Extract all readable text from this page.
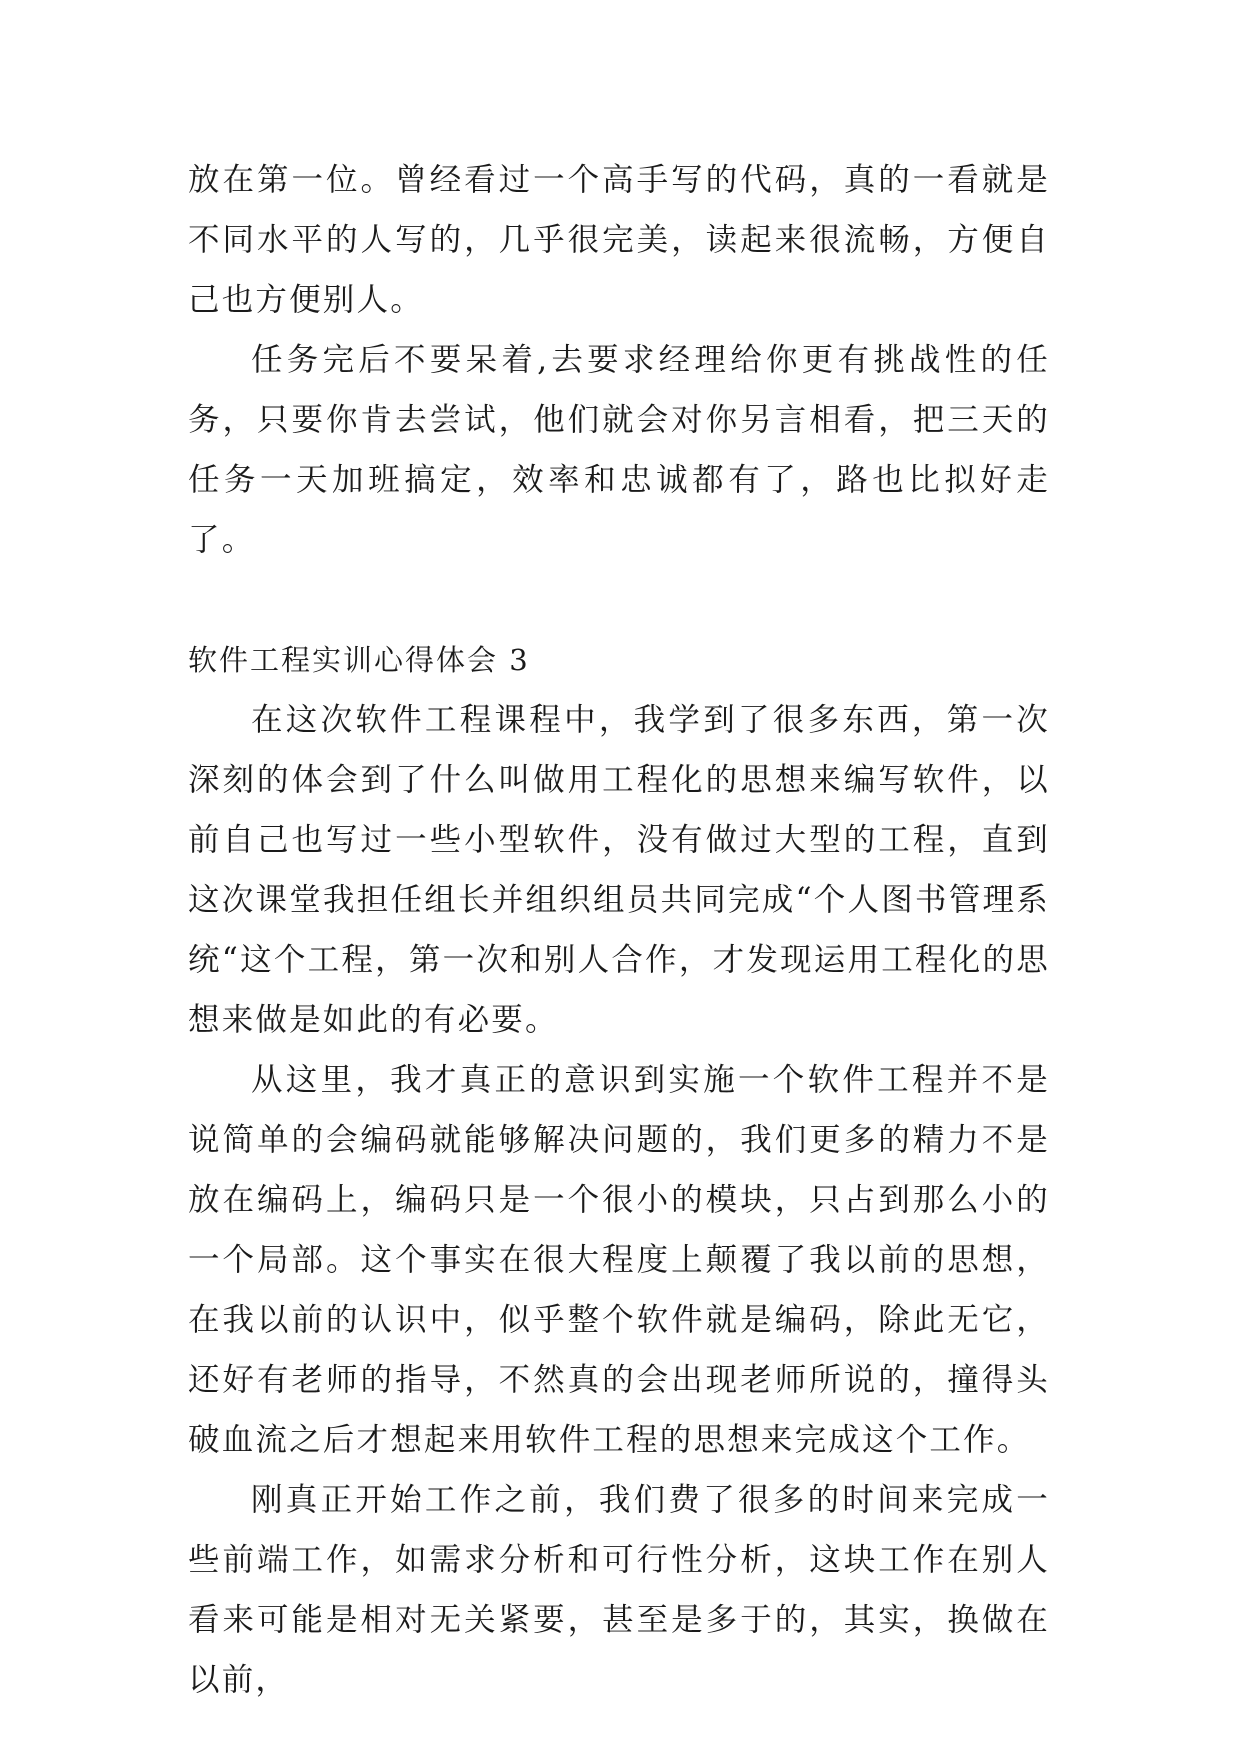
放在第一位。曾经看过一个高手写的代码，真的一看就是不同水平的人写的，几乎很完美，读起来很流畅，方便自己也方便别人。

任务完后不要呆着,去要求经理给你更有挑战性的任务，只要你肯去尝试，他们就会对你另言相看，把三天的任务一天加班搞定，效率和忠诚都有了，路也比拟好走了。

软件工程实训心得体会 3

在这次软件工程课程中，我学到了很多东西，第一次深刻的体会到了什么叫做用工程化的思想来编写软件，以前自己也写过一些小型软件，没有做过大型的工程，直到这次课堂我担任组长并组织组员共同完成“个人图书管理系统“这个工程，第一次和别人合作，才发现运用工程化的思想来做是如此的有必要。

从这里，我才真正的意识到实施一个软件工程并不是说简单的会编码就能够解决问题的，我们更多的精力不是放在编码上，编码只是一个很小的模块，只占到那么小的一个局部。这个事实在很大程度上颠覆了我以前的思想，在我以前的认识中，似乎整个软件就是编码，除此无它，还好有老师的指导，不然真的会出现老师所说的，撞得头破血流之后才想起来用软件工程的思想来完成这个工作。

刚真正开始工作之前，我们费了很多的时间来完成一些前端工作，如需求分析和可行性分析，这块工作在别人看来可能是相对无关紧要，甚至是多于的，其实，换做在以前，
